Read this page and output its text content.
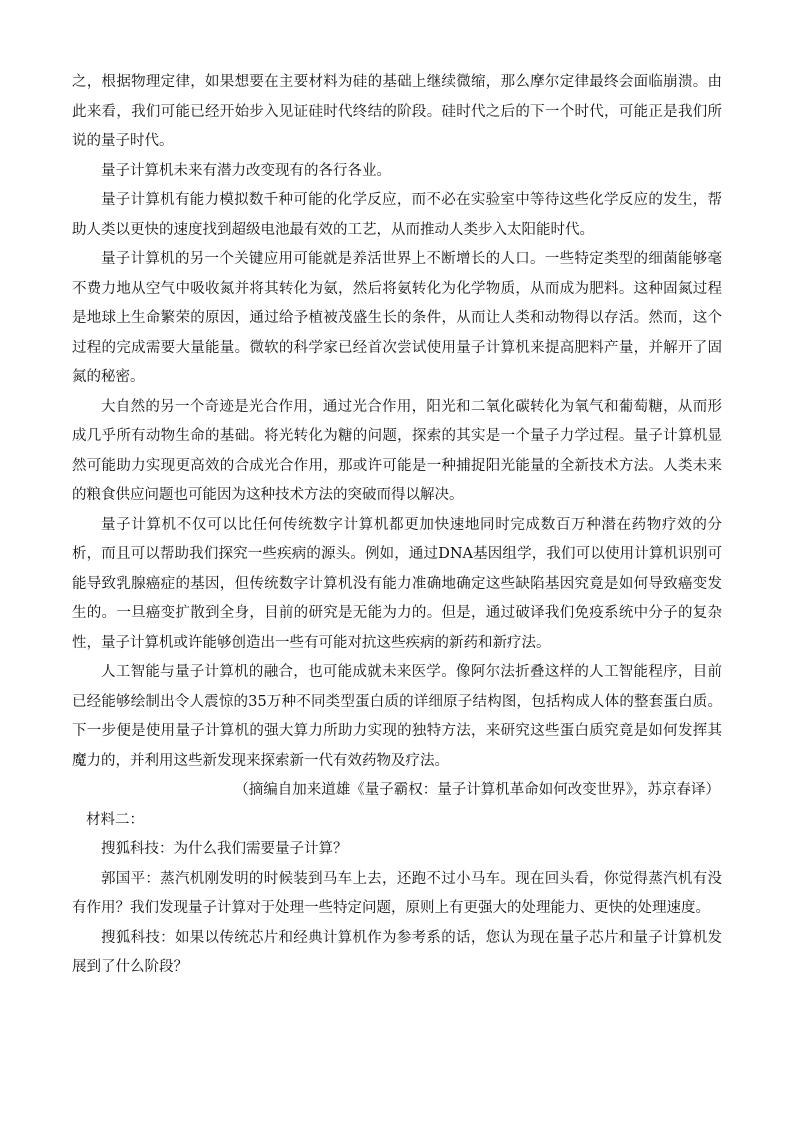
之，根据物理定律，如果想要在主要材料为硅的基础上继续微缩，那么摩尔定律最终会面临崩溃。由此来看，我们可能已经开始步入见证硅时代终结的阶段。硅时代之后的下一个时代，可能正是我们所说的量子时代。

量子计算机未来有潜力改变现有的各行各业。

量子计算机有能力模拟数千种可能的化学反应，而不必在实验室中等待这些化学反应的发生，帮助人类以更快的速度找到超级电池最有效的工艺，从而推动人类步入太阳能时代。

量子计算机的另一个关键应用可能就是养活世界上不断增长的人口。一些特定类型的细菌能够毫不费力地从空气中吸收氮并将其转化为氨，然后将氨转化为化学物质，从而成为肥料。这种固氮过程是地球上生命繁荣的原因，通过给予植被茂盛生长的条件，从而让人类和动物得以存活。然而，这个过程的完成需要大量能量。微软的科学家已经首次尝试使用量子计算机来提高肥料产量，并解开了固氮的秘密。

大自然的另一个奇迹是光合作用，通过光合作用，阳光和二氧化碳转化为氧气和葡萄糖，从而形成几乎所有动物生命的基础。将光转化为糖的问题，探索的其实是一个量子力学过程。量子计算机显然可能助力实现更高效的合成光合作用，那或许可能是一种捕捉阳光能量的全新技术方法。人类未来的粮食供应问题也可能因为这种技术方法的突破而得以解决。

量子计算机不仅可以比任何传统数字计算机都更加快速地同时完成数百万种潜在药物疗效的分析，而且可以帮助我们探究一些疾病的源头。例如，通过DNA基因组学，我们可以使用计算机识别可能导致乳腺癌症的基因，但传统数字计算机没有能力准确地确定这些缺陷基因究竟是如何导致癌变发生的。一旦癌变扩散到全身，目前的研究是无能为力的。但是，通过破译我们免疫系统中分子的复杂性，量子计算机或许能够创造出一些有可能对抗这些疾病的新药和新疗法。

人工智能与量子计算机的融合，也可能成就未来医学。像阿尔法折叠这样的人工智能程序，目前已经能够绘制出令人震惊的35万种不同类型蛋白质的详细原子结构图，包括构成人体的整套蛋白质。下一步便是使用量子计算机的强大算力所助力实现的独特方法，来研究这些蛋白质究竟是如何发挥其魔力的，并利用这些新发现来探索新一代有效药物及疗法。

（摘编自加来道雄《量子霸权：量子计算机革命如何改变世界》，苏京春译）

材料二：

搜狐科技：为什么我们需要量子计算？

郭国平：蒸汽机刚发明的时候装到马车上去，还跑不过小马车。现在回头看，你觉得蒸汽机有没有作用？我们发现量子计算对于处理一些特定问题，原则上有更强大的处理能力、更快的处理速度。

搜狐科技：如果以传统芯片和经典计算机作为参考系的话，您认为现在量子芯片和量子计算机发展到了什么阶段？
